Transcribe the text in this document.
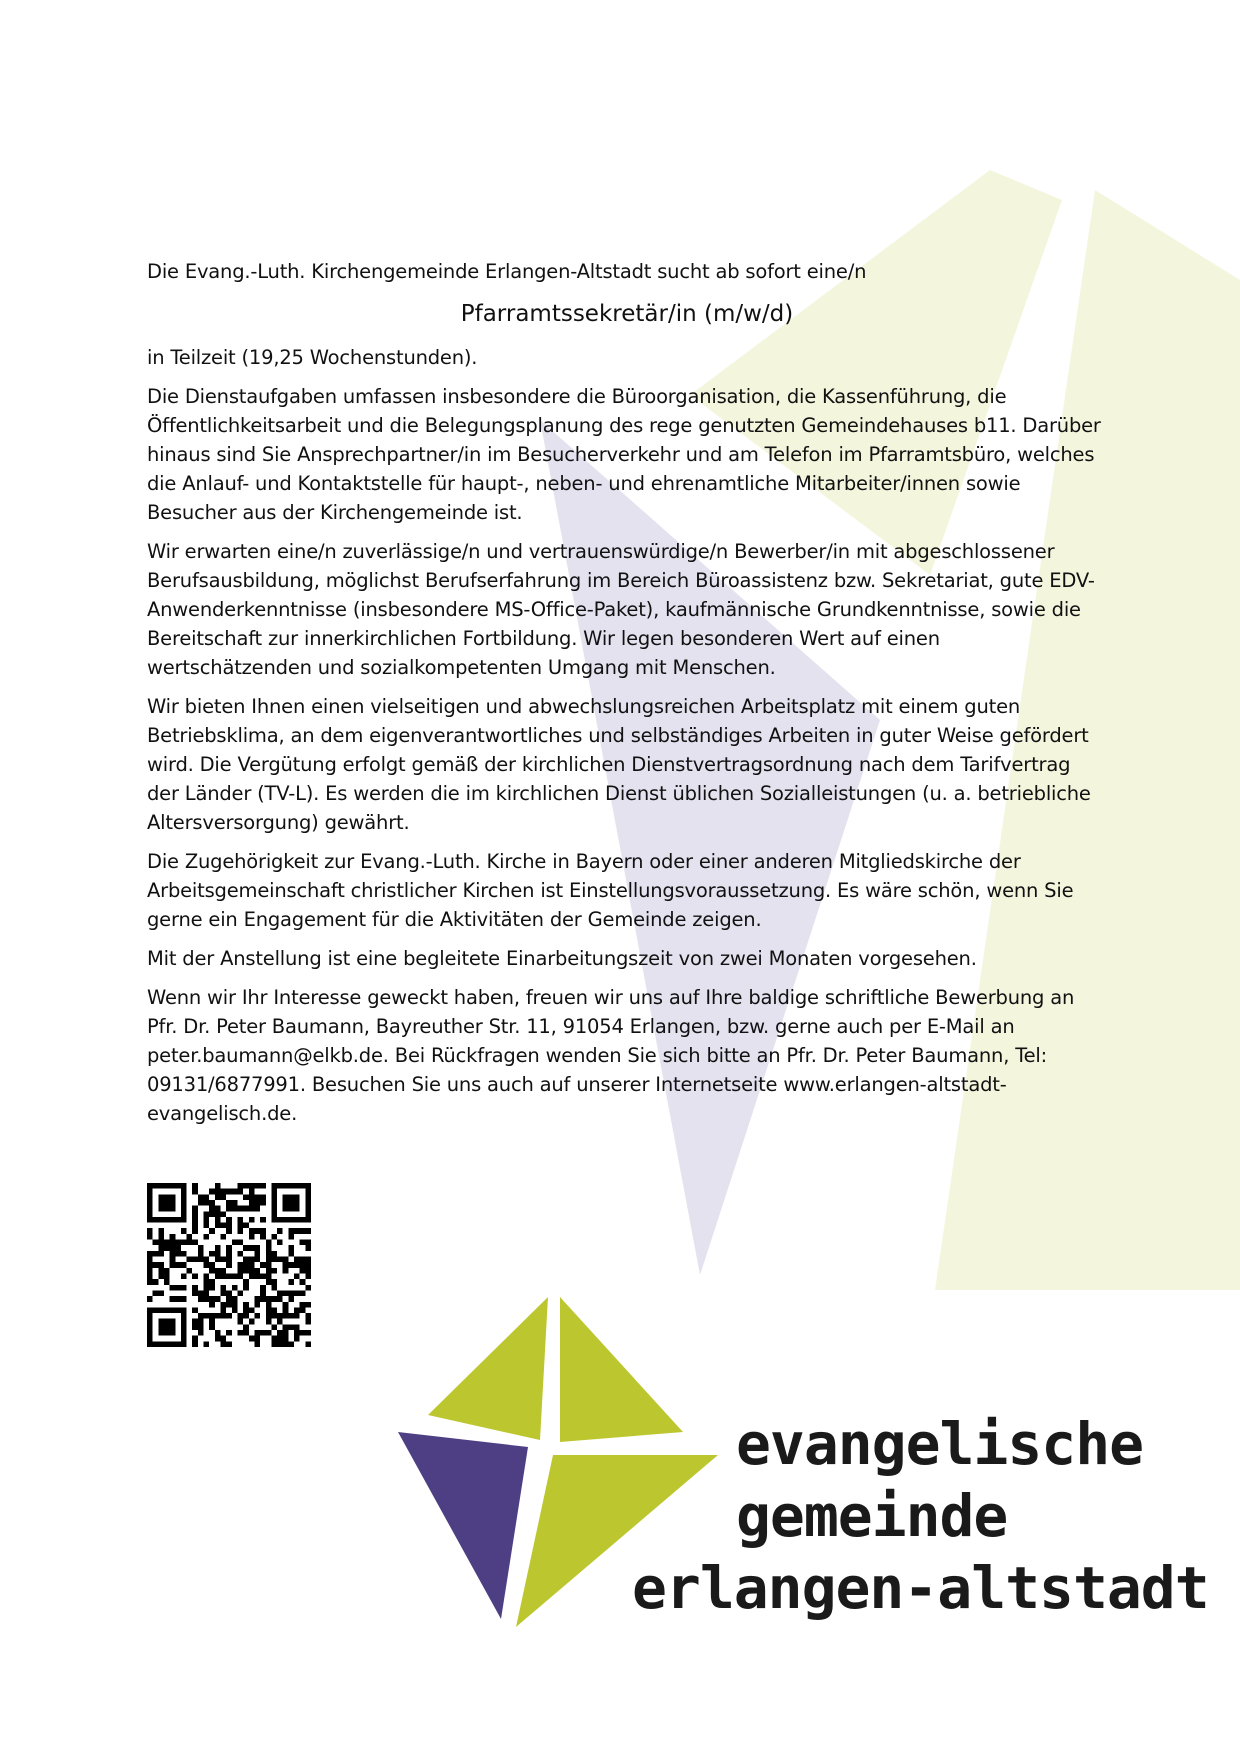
Die Evang.-Luth. Kirchengemeinde Erlangen-Altstadt sucht ab sofort eine/n

Pfarramtssekretär/in (m/w/d)

in Teilzeit (19,25 Wochenstunden).

Die Dienstaufgaben umfassen insbesondere die Büroorganisation, die Kassenführung, die Öffentlichkeitsarbeit und die Belegungsplanung des rege genutzten Gemeindehauses b11. Darüber hinaus sind Sie Ansprechpartner/in im Besucherverkehr und am Telefon im Pfarramtsbüro, welches die Anlauf- und Kontaktstelle für haupt-, neben- und ehrenamtliche Mitarbeiter/innen sowie Besucher aus der Kirchengemeinde ist.

Wir erwarten eine/n zuverlässige/n und vertrauenswürdige/n Bewerber/in mit abgeschlossener Berufsausbildung, möglichst Berufserfahrung im Bereich Büroassistenz bzw. Sekretariat, gute EDV-Anwenderkenntnisse (insbesondere MS-Office-Paket), kaufmännische Grundkenntnisse, sowie die Bereitschaft zur innerkirchlichen Fortbildung. Wir legen besonderen Wert auf einen wertschätzenden und sozialkompetenten Umgang mit Menschen.

Wir bieten Ihnen einen vielseitigen und abwechslungsreichen Arbeitsplatz mit einem guten Betriebsklima, an dem eigenverantwortliches und selbständiges Arbeiten in guter Weise gefördert wird. Die Vergütung erfolgt gemäß der kirchlichen Dienstvertragsordnung nach dem Tarifvertrag der Länder (TV-L). Es werden die im kirchlichen Dienst üblichen Sozialleistungen (u. a. betriebliche Altersversorgung) gewährt.

Die Zugehörigkeit zur Evang.-Luth. Kirche in Bayern oder einer anderen Mitgliedskirche der Arbeitsgemeinschaft christlicher Kirchen ist Einstellungsvoraussetzung. Es wäre schön, wenn Sie gerne ein Engagement für die Aktivitäten der Gemeinde zeigen.

Mit der Anstellung ist eine begleitete Einarbeitungszeit von zwei Monaten vorgesehen.

Wenn wir Ihr Interesse geweckt haben, freuen wir uns auf Ihre baldige schriftliche Bewerbung an Pfr. Dr. Peter Baumann, Bayreuther Str. 11, 91054 Erlangen, bzw. gerne auch per E-Mail an peter.baumann@elkb.de. Bei Rückfragen wenden Sie sich bitte an Pfr. Dr. Peter Baumann, Tel: 09131/6877991. Besuchen Sie uns auch auf unserer Internetseite www.erlangen-altstadt-evangelisch.de.

evangelische
gemeinde
erlangen-altstadt
